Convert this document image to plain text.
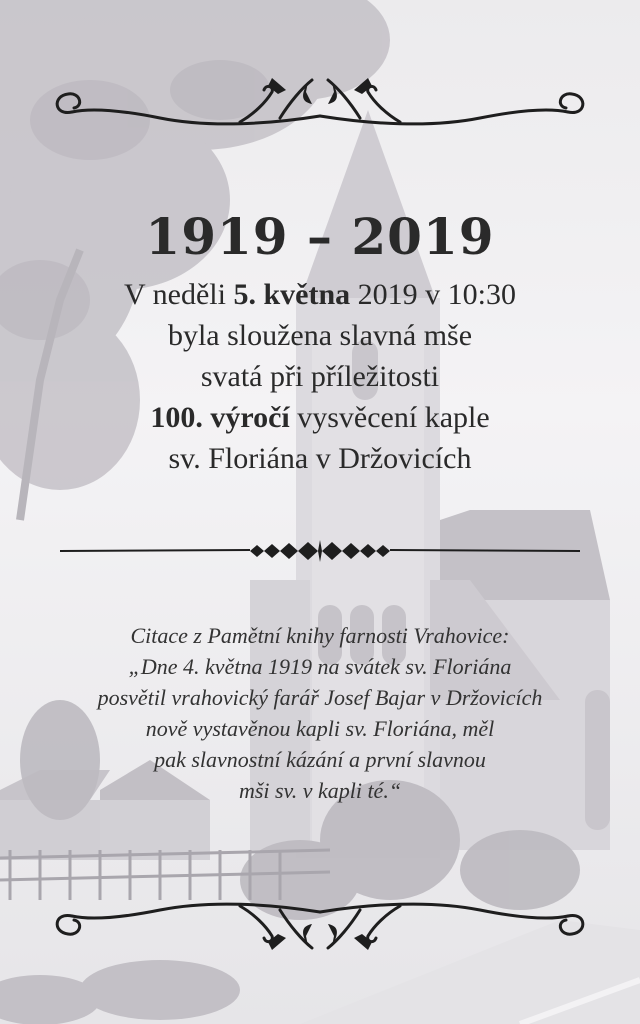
1919 – 2019
V neděli 5. května 2019 v 10:30
byla sloužena slavná mše
svatá při příležitosti
100. výročí vysvěcení kaple
sv. Floriána v Držovicích
Citace z Pamětní knihy farnosti Vrahovice:
„Dne 4. května 1919 na svátek sv. Floriána
posvětil vrahovický farář Josef Bajar v Držovicích
nově vystavěnou kapli sv. Floriána, měl
pak slavnostní kázání a první slavnou
mši sv. v kapli té.“
